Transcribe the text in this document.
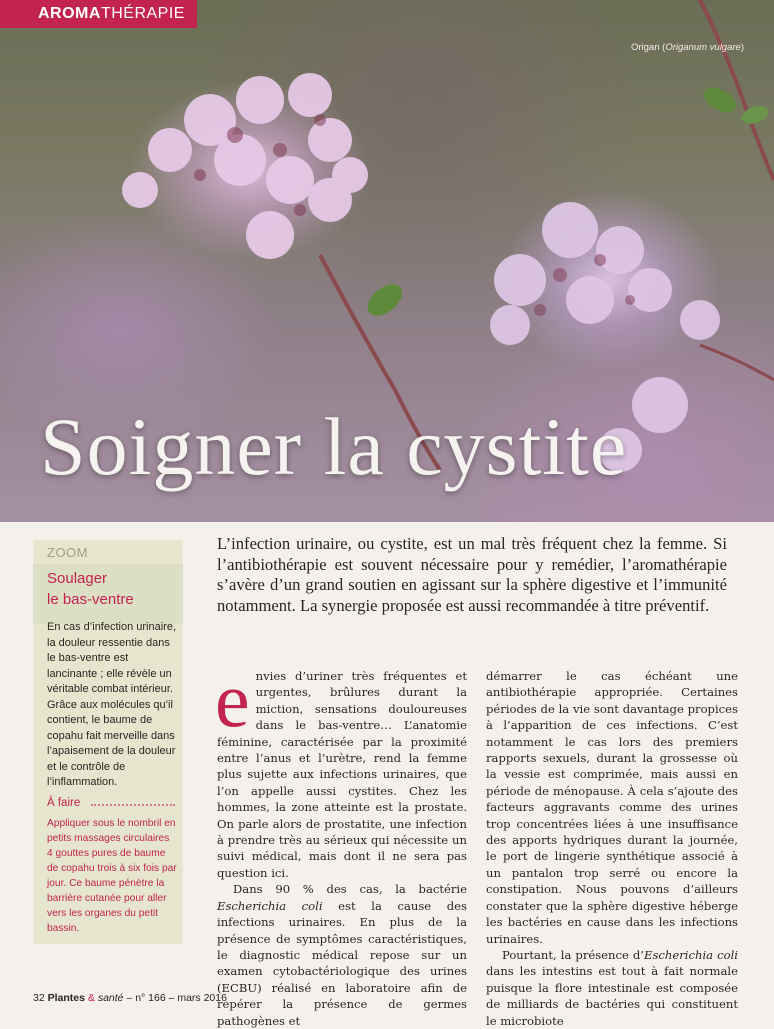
AROMA THÉRAPIE
Origan (Origanum vulgare)
Soigner la cystite
ZOOM
Soulager
le bas-ventre
En cas d’infection urinaire, la douleur ressentie dans le bas-ventre est lancinante ; elle révèle un véritable combat intérieur. Grâce aux molécules qu’il contient, le baume de copahu fait merveille dans l’apaisement de la douleur et le contrôle de l’inflammation.
À faire
Appliquer sous le nombril en petits massages circulaires 4 gouttes pures de baume de copahu trois à six fois par jour. Ce baume pénètre la barrière cutanée pour aller vers les organes du petit bassin.
L’infection urinaire, ou cystite, est un mal très fréquent chez la femme. Si l’antibiothérapie est souvent nécessaire pour y remédier, l’aromathérapie s’avère d’un grand soutien en agissant sur la sphère digestive et l’immunité notamment. La synergie proposée est aussi recommandée à titre préventif.

envies d’uriner très fréquentes et urgentes, brûlures durant la miction, sensations douloureuses dans le bas-ventre… L’anatomie féminine, caractérisée par la proximité entre l’anus et l’urètre, rend la femme plus sujette aux infections urinaires, que l’on appelle aussi cystites. Chez les hommes, la zone atteinte est la prostate. On parle alors de prostatite, une infection à prendre très au sérieux qui nécessite un suivi médical, mais dont il ne sera pas question ici.

Dans 90 % des cas, la bactérie Escherichia coli est la cause des infections urinaires. En plus de la présence de symptômes caractéristiques, le diagnostic médical repose sur un examen cytobactériologique des urines (ECBU) réalisé en laboratoire afin de repérer la présence de germes pathogènes et

démarrer le cas échéant une antibiothérapie appropriée. Certaines périodes de la vie sont davantage propices à l’apparition de ces infections. C’est notamment le cas lors des premiers rapports sexuels, durant la grossesse où la vessie est comprimée, mais aussi en période de ménopause. À cela s’ajoute des facteurs aggravants comme des urines trop concentrées liées à une insuffisance des apports hydriques durant la journée, le port de lingerie synthétique associé à un pantalon trop serré ou encore la constipation. Nous pouvons d’ailleurs constater que la sphère digestive héberge les bactéries en cause dans les infections urinaires.

Pourtant, la présence d’Escherichia coli dans les intestins est tout à fait normale puisque la flore intestinale est composée de milliards de bactéries qui constituent le microbiote

32 Plantes & santé – n° 166 – mars 2016
